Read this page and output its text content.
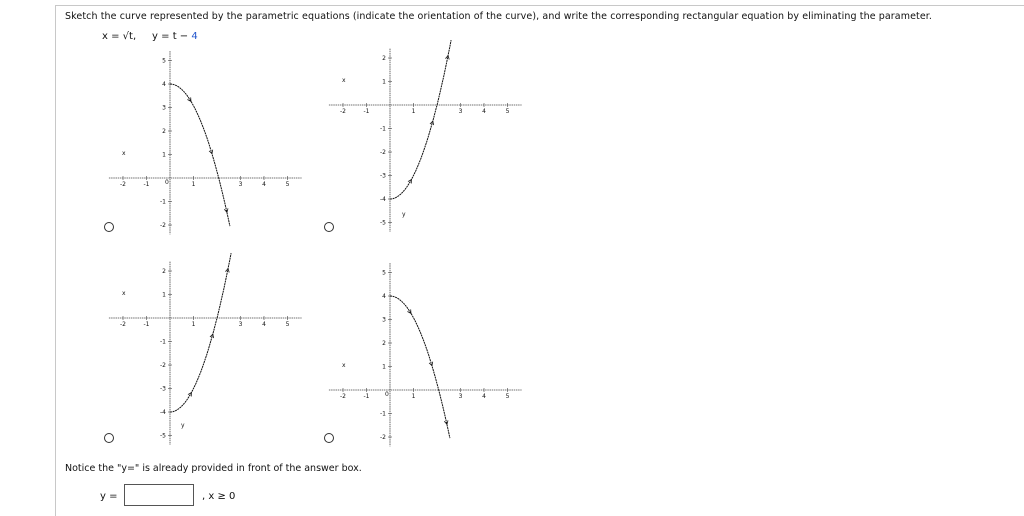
Sketch the curve represented by the parametric equations (indicate the orientation of the curve), and write the corresponding rectangular equation by eliminating the parameter.
x = √t, y = t − 4
-2	-1	1	3	4	5
5
4
3
2
1
-1
-2
x
0
-2	-1	1	3	4	5
2
1
-1
-2
-3
-4
-5
x
y
-2	-1	1	3	4	5
2
1
-1
-2
-3
-4
-5
x
y
-2	-1	1	3	4	5
5
4
3
2
1
-1
-2
x
0
Notice the "y=" is already provided in front of the answer box.
y =	, x ≥ 0
